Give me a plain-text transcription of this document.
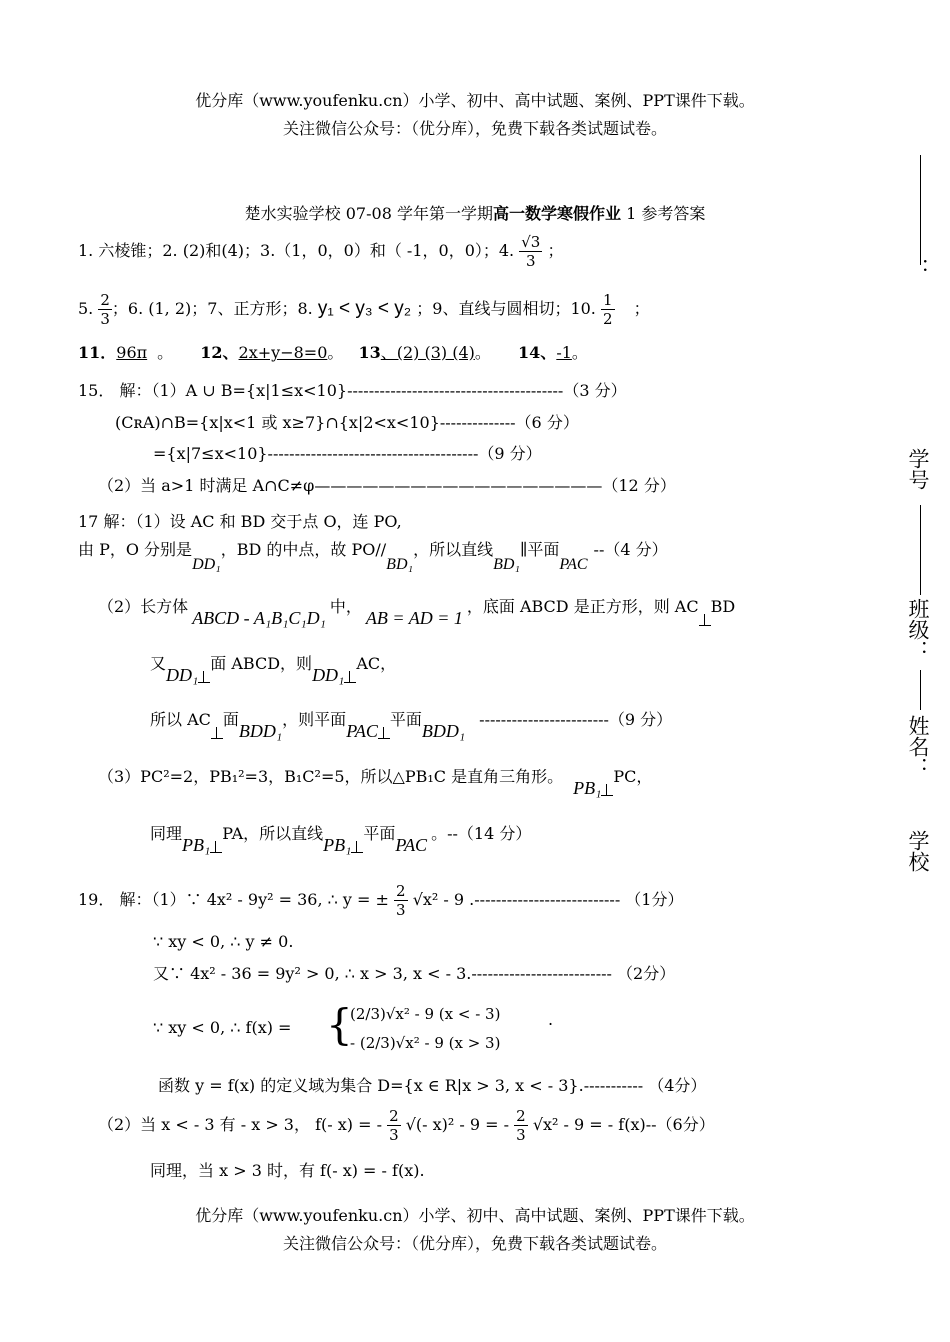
优分库（www.youfenku.cn）小学、初中、高中试题、案例、PPT课件下载。
关注微信公众号：（优分库），免费下载各类试题试卷。
楚水实验学校 07-08 学年第一学期高一数学寒假作业 1 参考答案
1. 六棱锥；2. (2)和(4)；3.（1，0，0）和（ -1，0，0）；4. $\frac{√3}{3}$ ；
5. $\frac{2}{3}$ ；6. (1, 2)；7、正方形；8. y₁ < y₃ < y₂ ；9、直线与圆相切；10. $\frac{1}{2}$ ；
11．96π 。 12、2x+y−8=0。 13、(2) (3) (4)。 14、-1。
15． 解：（1）A ∪ B={x|1≤x<10}----------------------------------------（3 分）
(CʀA)∩B={x|x<1 或 x≥7}∩{x|2<x<10}--------------（6 分）
={x|7≤x<10}---------------------------------------（9 分）
（2）当 a>1 时满足 A∩C≠φ——————————————————（12 分）
17 解：（1）设 AC 和 BD 交于点 O，连 PO,
由 P，O 分别是DD₁，BD 的中点，故 PO//BD₁，所以直线BD₁∥平面PAC--（4 分）
（2）长方体ABCD - A₁B₁C₁D₁中，AB = AD = 1，底面 ABCD 是正方形，则 AC BD
又DD₁面 ABCD，则DD₁AC，
所以 AC 面BDD₁，则平面PAC平面BDD₁------------------------（9 分）
（3）PC²=2，PB₁²=3，B₁C²=5，所以△PB₁C 是直角三角形。PB₁PC，
同理PB₁PA，所以直线PB₁平面PAC。--（14 分）
19． 解：（1）∵ 4x² - 9y² = 36, ∴ y = ± $\frac{2}{3} √x^2 - 9$ .--------------------------- （1分）
∵ xy < 0, ∴ y ≠ 0.
又∵ 4x² - 36 = 9y² > 0, ∴ x > 3, x < - 3.-------------------------- （2分）
∵ xy < 0, ∴ f(x) = {
(2/3)√x² - 9 (x < - 3)
- (2/3)√x² - 9 (x > 3)
.
函数 y = f(x) 的定义域为集合 D={x ∈ R|x > 3, x < - 3}.----------- （4分）
（2）当 x < - 3 有 - x > 3， f(- x) = - $\frac{2}{3}$ √(- x)² - 9 = - $\frac{2}{3} √x^2 - 9$ = - f(x)--（6分）
同理，当 x > 3 时，有 f(- x) = - f(x).
优分库（www.youfenku.cn）小学、初中、高中试题、案例、PPT课件下载。
关注微信公众号：（优分库），免费下载各类试题试卷。
：
学号
班级：
姓名：
学校
